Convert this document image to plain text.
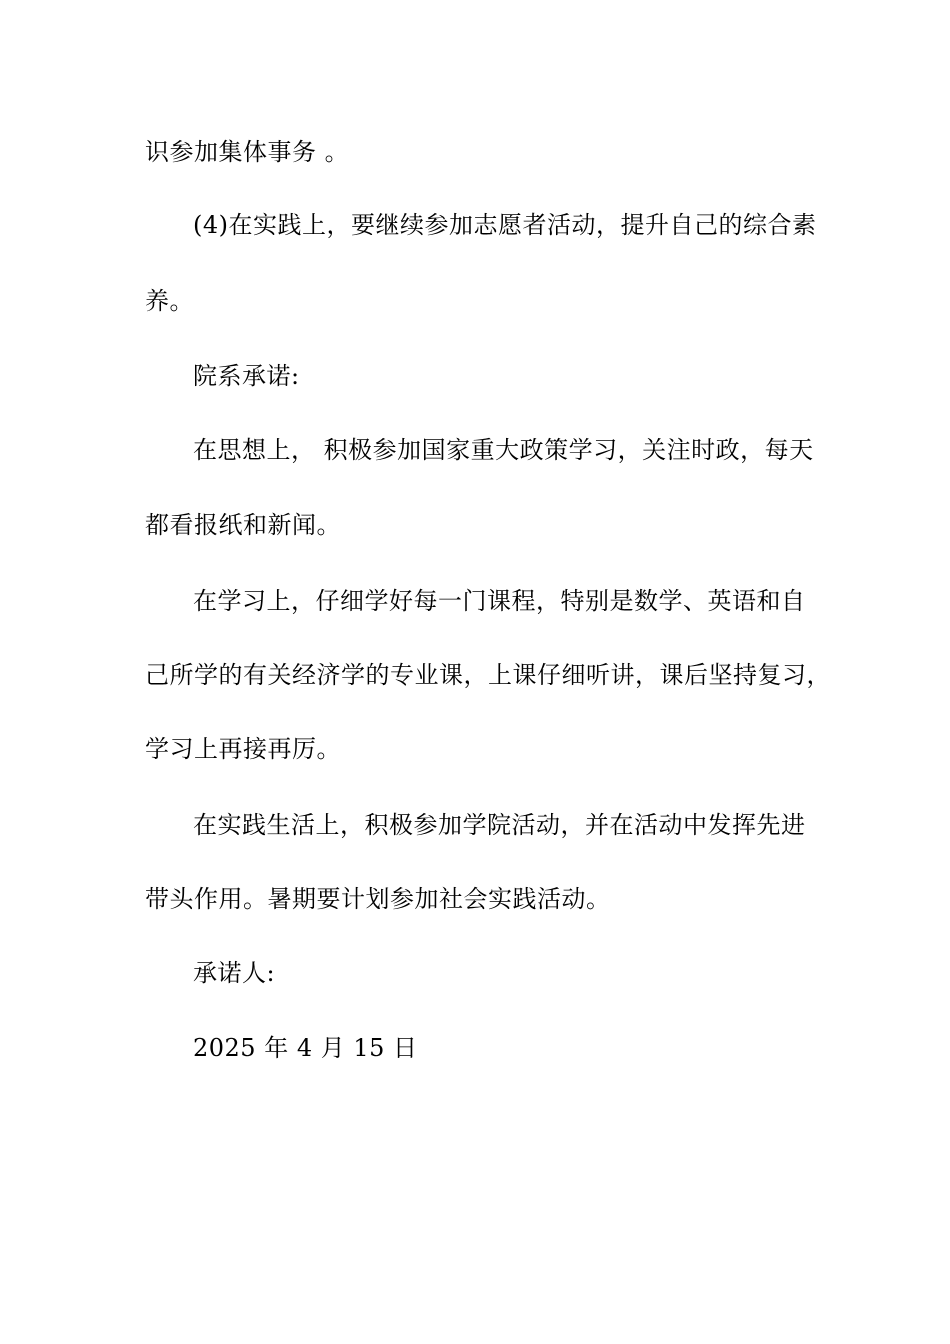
识参加集体事务 。
(4)在实践上，要继续参加志愿者活动，提升自己的综合素
养。
院系承诺:
在思想上， 积极参加国家重大政策学习，关注时政，每天
都看报纸和新闻。
在学习上，仔细学好每一门课程，特别是数学、英语和自
己所学的有关经济学的专业课，上课仔细听讲，课后坚持复习，
学习上再接再厉。
在实践生活上，积极参加学院活动，并在活动中发挥先进
带头作用。暑期要计划参加社会实践活动。
承诺人:
2025 年 4 月 15 日
